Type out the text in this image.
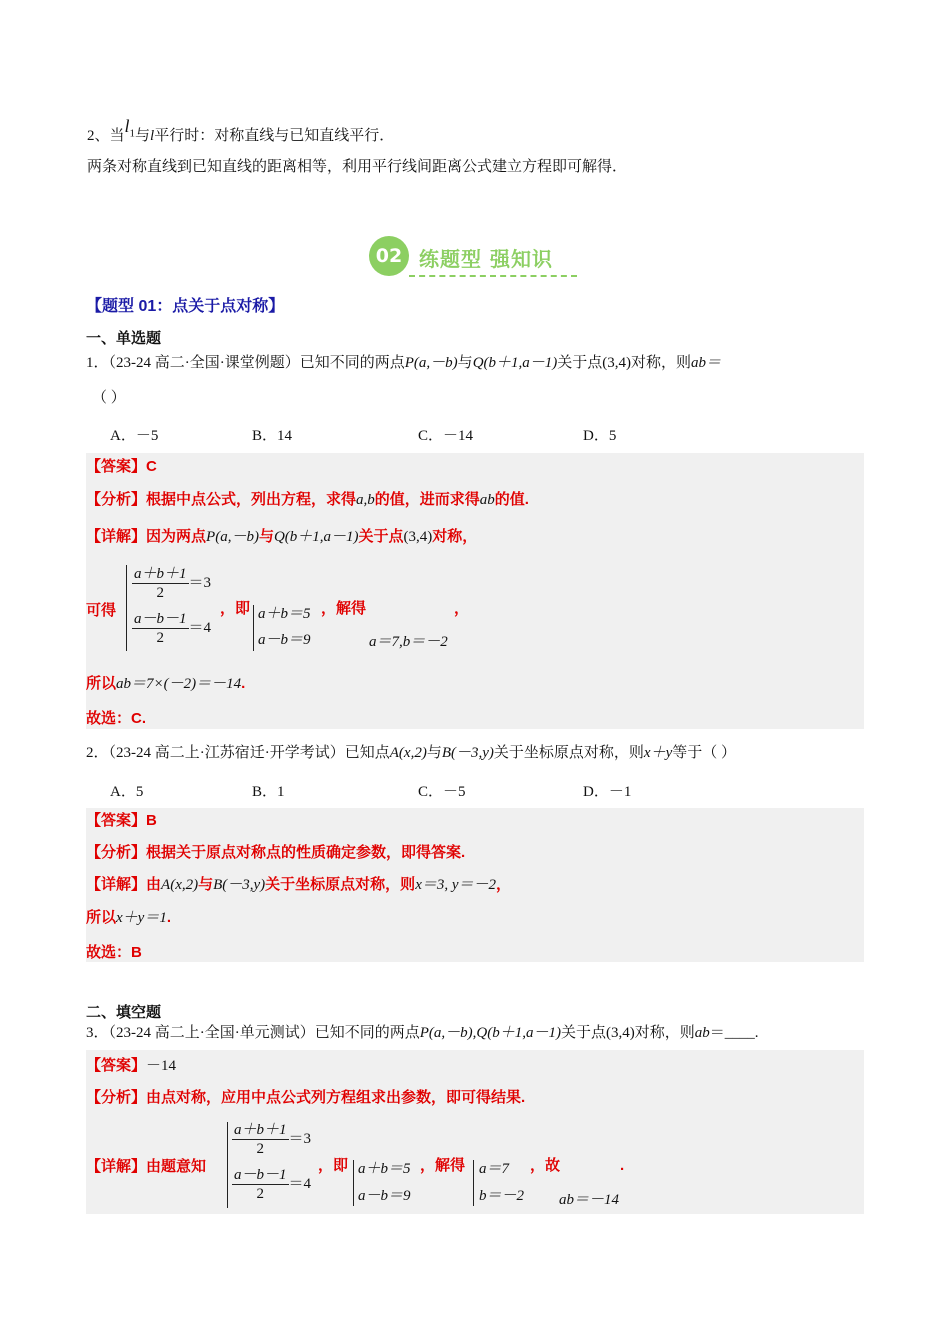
2、当$l_1$与l平行时：对称直线与已知直线平行．
两条对称直线到已知直线的距离相等，利用平行线间距离公式建立方程即可解得．
02 练题型 强知识
【题型 01：点关于点对称】
一、单选题
1．（23-24 高二·全国·课堂例题）已知不同的两点P(a,－b)与Q(b＋1,a－1)关于点(3,4)对称，则ab＝
（ ）
A．－5	B．14	C．－14	D．5
【答案】C
【分析】根据中点公式，列出方程，求得a,b的值，进而求得ab的值.
【详解】因为两点P(a,－b)与Q(b＋1,a－1)关于点(3,4)对称，
可得
$\frac{a+b+1}{2} =3$
$\frac{a-b-1}{2} =4$
，即 a＋b＝5
a－b＝9
，解得	，
a＝7,b＝－2
所以ab＝7×(－2)＝－14.
故选：C.
2．（23-24 高二上·江苏宿迁·开学考试）已知点A(x,2)与B(－3,y)关于坐标原点对称，则x＋y等于（ ）
A．5	B．1	C．－5	D．－1
【答案】B
【分析】根据关于原点对称点的性质确定参数，即得答案.
【详解】由A(x,2)与B(－3,y)关于坐标原点对称，则x＝3, y＝－2，
所以x＋y＝1.
故选：B
二、填空题
3．（23-24 高二上·全国·单元测试）已知不同的两点P(a,－b),Q(b＋1,a－1)关于点(3,4)对称，则ab＝____.
【答案】－14
【分析】由点对称，应用中点公式列方程组求出参数，即可得结果.
【详解】由题意知
$\frac{a+b+1}{2} =3$
$\frac{a-b-1}{2} =4$
，即 a＋b＝5
a－b＝9
，解得 a＝7
b＝－2
，故	.
ab＝－14
